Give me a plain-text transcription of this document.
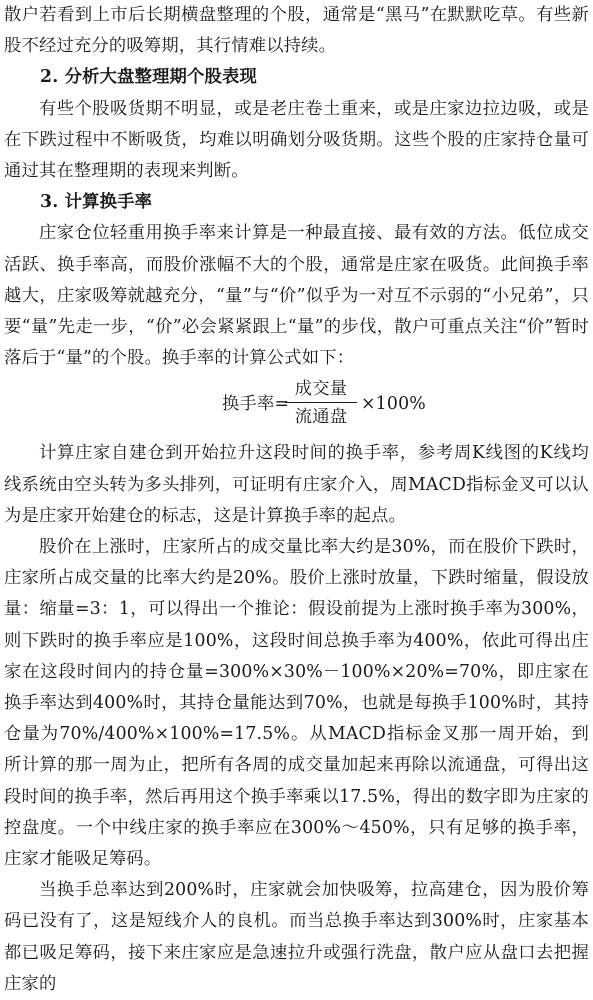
散户若看到上市后长期横盘整理的个股，通常是“黑马”在默默吃草。有些新股不经过充分的吸筹期，其行情难以持续。

2. 分析大盘整理期个股表现

有些个股吸货期不明显，或是老庄卷土重来，或是庄家边拉边吸，或是在下跌过程中不断吸货，均难以明确划分吸货期。这些个股的庄家持仓量可通过其在整理期的表现来判断。

3. 计算换手率

庄家仓位轻重用换手率来计算是一种最直接、最有效的方法。低位成交活跃、换手率高，而股价涨幅不大的个股，通常是庄家在吸货。此间换手率越大，庄家吸筹就越充分，“量”与“价”似乎为一对互不示弱的“小兄弟”，只要“量”先走一步，“价”必会紧紧跟上“量”的步伐，散户可重点关注“价”暂时落后于“量”的个股。换手率的计算公式如下：

换手率=
成交量
流通盘
×100%

计算庄家自建仓到开始拉升这段时间的换手率，参考周K线图的K线均线系统由空头转为多头排列，可证明有庄家介入，周MACD指标金叉可以认为是庄家开始建仓的标志，这是计算换手率的起点。

股价在上涨时，庄家所占的成交量比率大约是30%，而在股价下跌时，庄家所占成交量的比率大约是20%。股价上涨时放量，下跌时缩量，假设放量：缩量=3：1，可以得出一个推论：假设前提为上涨时换手率为300%，则下跌时的换手率应是100%，这段时间总换手率为400%，依此可得出庄家在这段时间内的持仓量=300%×30%－100%×20%=70%，即庄家在换手率达到400%时，其持仓量能达到70%，也就是每换手100%时，其持仓量为70%/400%×100%=17.5%。从MACD指标金叉那一周开始，到所计算的那一周为止，把所有各周的成交量加起来再除以流通盘，可得出这段时间的换手率，然后再用这个换手率乘以17.5%，得出的数字即为庄家的控盘度。一个中线庄家的换手率应在300%～450%，只有足够的换手率，庄家才能吸足筹码。

当换手总率达到200%时，庄家就会加快吸筹，拉高建仓，因为股价筹码已没有了，这是短线介人的良机。而当总换手率达到300%时，庄家基本都已吸足筹码，接下来庄家应是急速拉升或强行洗盘，散户应从盘口去把握庄家的
